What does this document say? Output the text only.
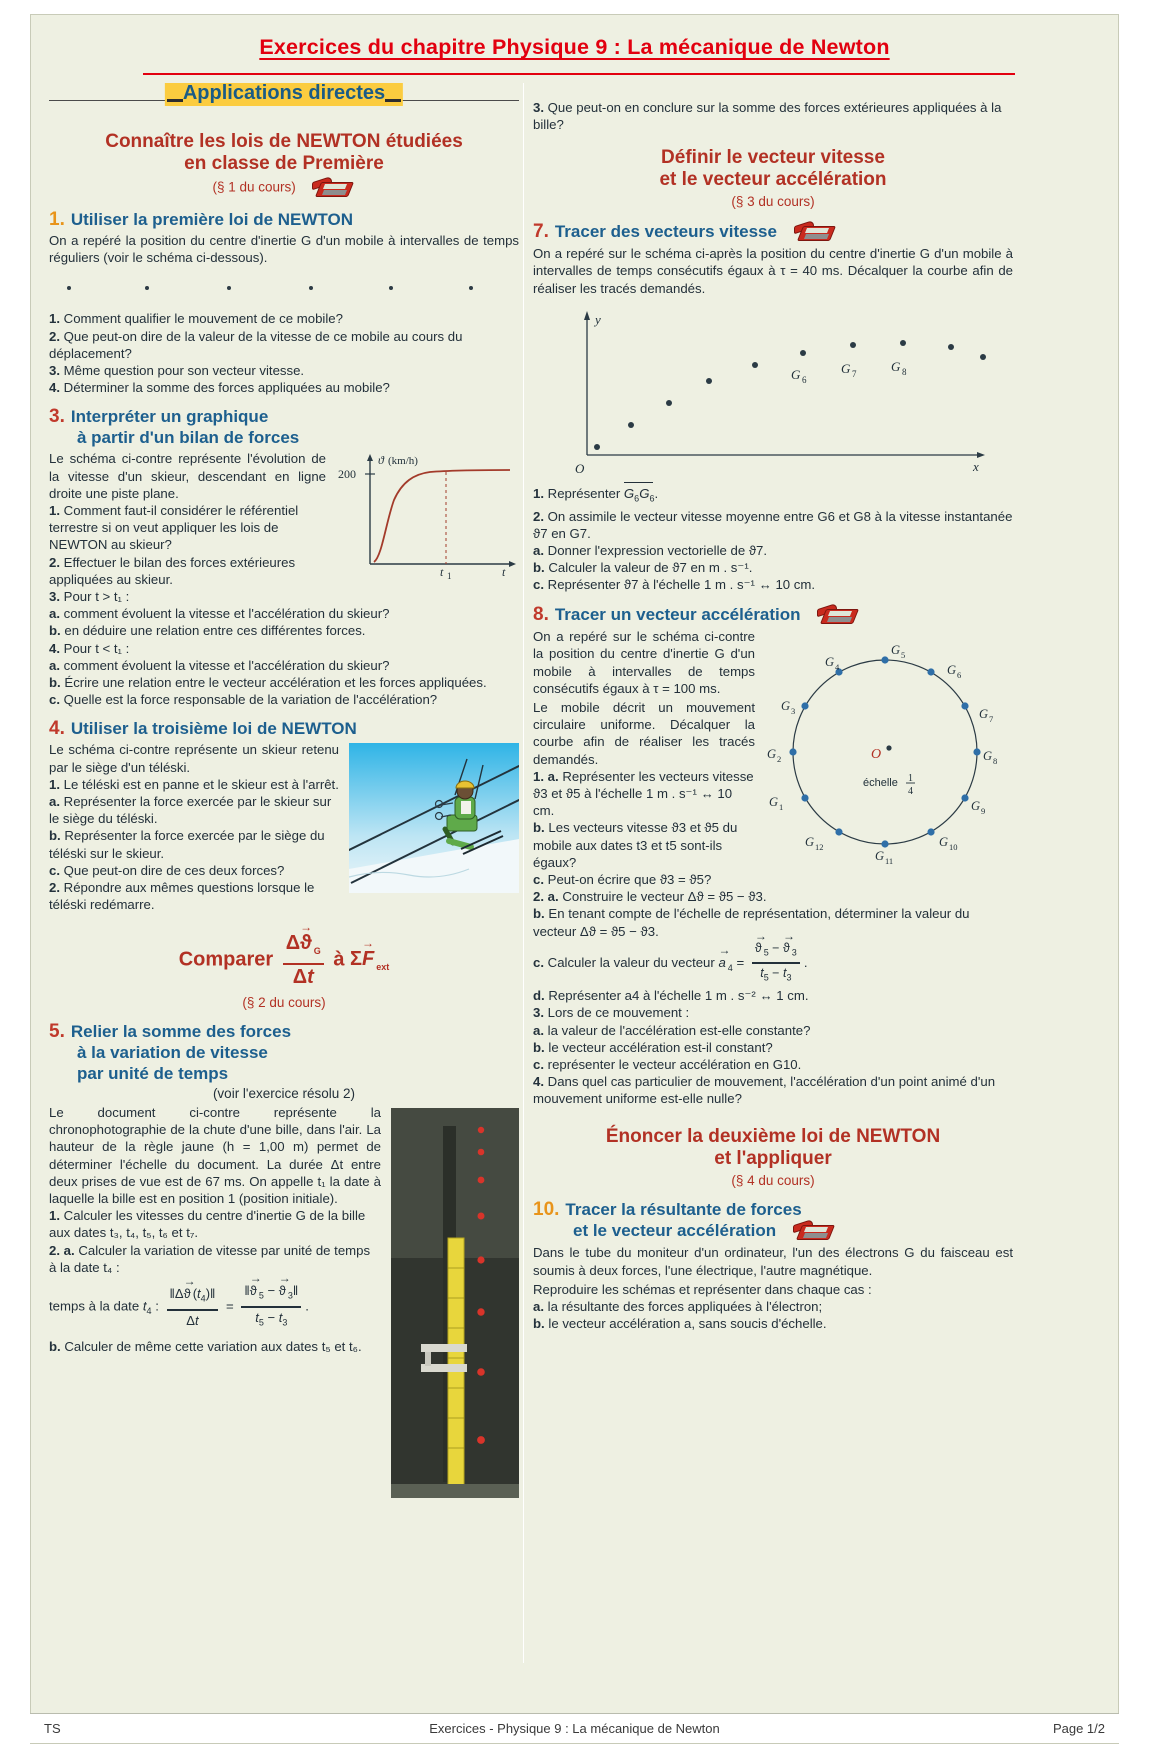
Exercices du chapitre Physique 9 : La mécanique de Newton
Applications directes
Connaître les lois de NEWTON étudiées
en classe de Première
(§ 1 du cours)
1. Utiliser la première loi de NEWTON
On a repéré la position du centre d'inertie G d'un mobile à intervalles de temps réguliers (voir le schéma ci-dessous).
1. Comment qualifier le mouvement de ce mobile?
2. Que peut-on dire de la valeur de la vitesse de ce mobile au cours du déplacement?
3. Même question pour son vecteur vitesse.
4. Déterminer la somme des forces appliquées au mobile?
3. Interpréter un graphique
à partir d'un bilan de forces
200
ϑ (km/h)
t 1	t
Le schéma ci-contre représente l'évolution de la vitesse d'un skieur, descendant en ligne droite une piste plane.
1. Comment faut-il considérer le référentiel terrestre si on veut appliquer les lois de NEWTON au skieur?
2. Effectuer le bilan des forces extérieures appliquées au skieur.
3. Pour t > t₁ :
a. comment évoluent la vitesse et l'accélération du skieur?
b. en déduire une relation entre ces différentes forces.
4. Pour t < t₁ :
a. comment évoluent la vitesse et l'accélération du skieur?
b. Écrire une relation entre le vecteur accélération et les forces appliquées.
c. Quelle est la force responsable de la variation de l'accélération?
4. Utiliser la troisième loi de NEWTON
Le schéma ci-contre représente un skieur retenu par le siège d'un téléski.
1. Le téléski est en panne et le skieur est à l'arrêt.
a. Représenter la force exercée par le skieur sur le siège du téléski.
b. Représenter la force exercée par le siège du téléski sur le skieur.
c. Que peut-on dire de ces deux forces?
2. Répondre aux mêmes questions lorsque le téléski redémarre.
Comparer $\frac{\Delta ϑ \to _G}{\Delta t}$ à ΣF → $_{ext}$
(§ 2 du cours)
5. Relier la somme des forces
à la variation de vitesse
par unité de temps
(voir l'exercice résolu 2)
Le document ci-contre représente la chronophotographie de la chute d'une bille, dans l'air. La hauteur de la règle jaune (h = 1,00 m) permet de déterminer l'échelle du document. La durée Δt entre deux prises de vue est de 67 ms. On appelle t₁ la date à laquelle la bille est en position 1 (position initiale).
1. Calculer les vitesses du centre d'inertie G de la bille aux dates t₃, t₄, t₅, t₆ et t₇.
2. a. Calculer la variation de vitesse par unité de temps à la date t₄ :
temps à la date $t_4$ : $\frac{‖\Delta ϑ \to (t_4)‖}{\Delta t} = \frac{‖ϑ \to _5 - ϑ \to _3‖}{t_5 - t_3}$ .
b. Calculer de même cette variation aux dates t₅ et t₆.
3. Que peut-on en conclure sur la somme des forces extérieures appliquées à la bille?
Définir le vecteur vitesse
et le vecteur accélération
(§ 3 du cours)
7. Tracer des vecteurs vitesse
On a repéré sur le schéma ci-après la position du centre d'inertie G d'un mobile à intervalles de temps consécutifs égaux à τ = 40 ms. Décalquer la courbe afin de réaliser les tracés demandés.
y
x
O
G 6
G 7	G 8
1. Représenter $G_6G_6$.
2. On assimile le vecteur vitesse moyenne entre G6 et G8 à la vitesse instantanée ϑ7 en G7.
a. Donner l'expression vectorielle de ϑ7.
b. Calculer la valeur de ϑ7 en m . s⁻¹.
c. Représenter ϑ7 à l'échelle 1 m . s⁻¹ ↔ 10 cm.
8. Tracer un vecteur accélération
O
échelle 1
4
G 4
G 5
G 6
G 7
G 8
G 9
G 10
G 11
G 12
G 1
G 2
G 3
On a repéré sur le schéma ci-contre la position du centre d'inertie G d'un mobile à intervalles de temps consécutifs égaux à τ = 100 ms.
Le mobile décrit un mouvement circulaire uniforme. Décalquer la courbe afin de réaliser les tracés demandés.
1. a. Représenter les vecteurs vitesse ϑ3 et ϑ5 à l'échelle 1 m . s⁻¹ ↔ 10 cm.
b. Les vecteurs vitesse ϑ3 et ϑ5 du mobile aux dates t3 et t5 sont-ils égaux?
c. Peut-on écrire que ϑ3 = ϑ5?
2. a. Construire le vecteur Δϑ = ϑ5 − ϑ3.
b. En tenant compte de l'échelle de représentation, déterminer la valeur du vecteur Δϑ = ϑ5 − ϑ3.
c. Calculer la valeur du vecteur $a \to _4 = \frac{ϑ \to _5 - ϑ \to _3}{t_5 - t_3}$ .
d. Représenter a4 à l'échelle 1 m . s⁻² ↔ 1 cm.
3. Lors de ce mouvement :
a. la valeur de l'accélération est-elle constante?
b. le vecteur accélération est-il constant?
c. représenter le vecteur accélération en G10.
4. Dans quel cas particulier de mouvement, l'accélération d'un point animé d'un mouvement uniforme est-elle nulle?
Énoncer la deuxième loi de NEWTON
et l'appliquer
(§ 4 du cours)
10. Tracer la résultante de forces
et le vecteur accélération
Dans le tube du moniteur d'un ordinateur, l'un des électrons G du faisceau est soumis à deux forces, l'une électrique, l'autre magnétique.
Reproduire les schémas et représenter dans chaque cas :
a. la résultante des forces appliquées à l'électron;
b. le vecteur accélération a, sans soucis d'échelle.
TS	Exercices - Physique 9 : La mécanique de Newton	Page 1/2
